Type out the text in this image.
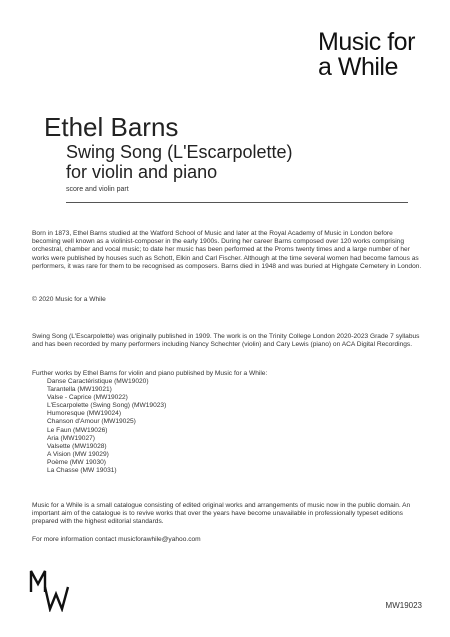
Music for
a While
Ethel Barns
Swing Song (L'Escarpolette)
for violin and piano
score and violin part
Born in 1873, Ethel Barns studied at the Watford School of Music and later at the Royal Academy of Music in London before becoming well known as a violinist-composer in the early 1900s. During her career Barns composed over 120 works comprising orchestral, chamber and vocal music; to date her music has been performed at the Proms twenty times and a large number of her works were published by houses such as Schott, Elkin and Carl Fischer. Although at the time several women had become famous as performers, it was rare for them to be recognised as composers. Barns died in 1948 and was buried at Highgate Cemetery in London.
© 2020 Music for a While
Swing Song (L'Escarpolette) was originally published in 1909. The work is on the Trinity College London 2020-2023 Grade 7 syllabus and has been recorded by many performers including Nancy Schechter (violin) and Cary Lewis (piano) on ACA Digital Recordings.
Further works by Ethel Barns for violin and piano published by Music for a While:
Danse Caractéristique (MW19020)
Tarantella (MW19021)
Valse - Caprice (MW19022)
L'Escarpolette (Swing Song) (MW19023)
Humoresque (MW19024)
Chanson d'Amour (MW19025)
Le Faun (MW19026)
Aria (MW19027)
Valsette (MW19028)
A Vision (MW 19029)
Poème (MW 19030)
La Chasse (MW 19031)
Music for a While is a small catalogue consisting of edited original works and arrangements of music now in the public domain. An important aim of the catalogue is to revive works that over the years have become unavailable in professionally typeset editions prepared with the highest editorial standards.
For more information contact musicforawhile@yahoo.com
MW19023
